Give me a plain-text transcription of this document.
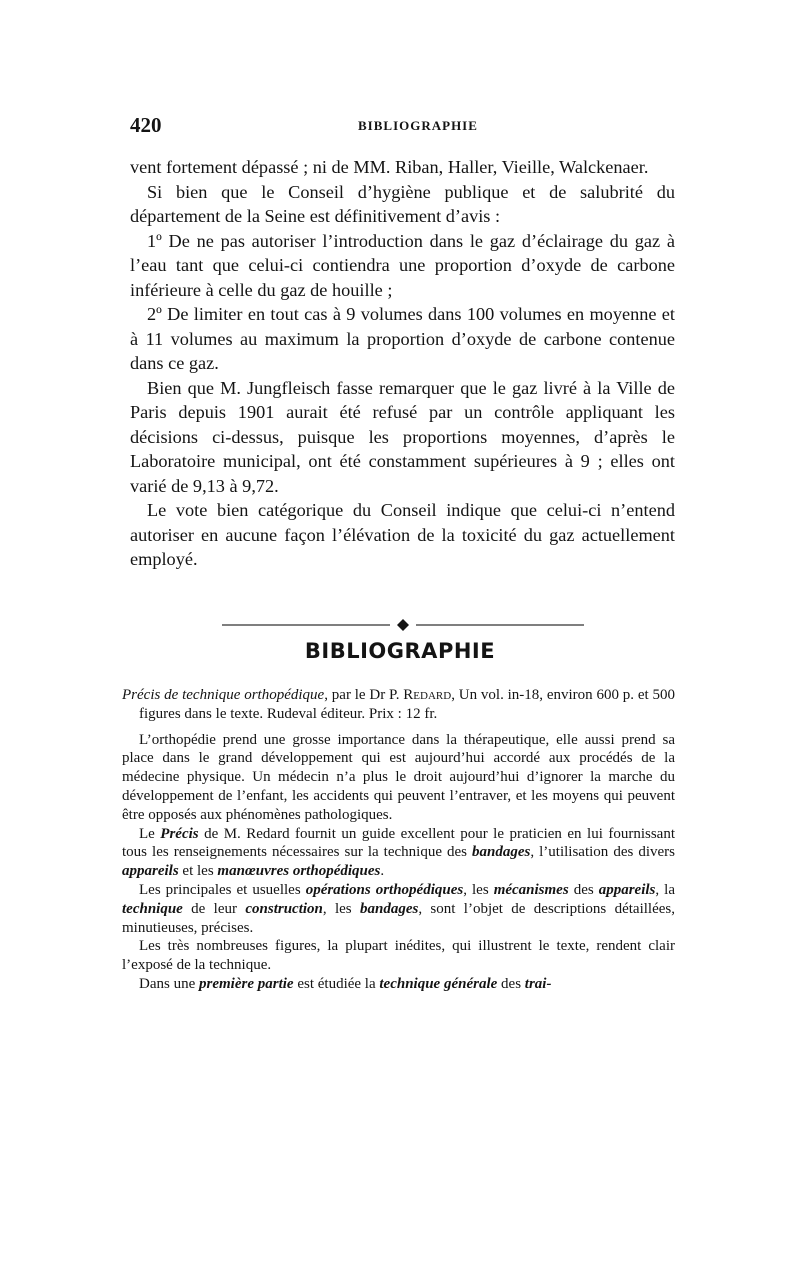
420	BIBLIOGRAPHIE

vent fortement dépassé ; ni de MM. Riban, Haller, Vieille, Walckenaer.

Si bien que le Conseil d’hygiène publique et de salubrité du département de la Seine est définitivement d’avis :

1º De ne pas autoriser l’introduction dans le gaz d’éclairage du gaz à l’eau tant que celui-ci contiendra une proportion d’oxyde de carbone inférieure à celle du gaz de houille ;

2º De limiter en tout cas à 9 volumes dans 100 volumes en moyenne et à 11 volumes au maximum la proportion d’oxyde de carbone contenue dans ce gaz.

Bien que M. Jungfleisch fasse remarquer que le gaz livré à la Ville de Paris depuis 1901 aurait été refusé par un contrôle appliquant les décisions ci-dessus, puisque les proportions moyennes, d’après le Laboratoire municipal, ont été constamment supérieures à 9 ; elles ont varié de 9,13 à 9,72.

Le vote bien catégorique du Conseil indique que celui-ci n’entend autoriser en aucune façon l’élévation de la toxicité du gaz actuellement employé.

BIBLIOGRAPHIE

Précis de technique orthopédique, par le Dr P. Redard, Un vol. in-18, environ 600 p. et 500 figures dans le texte. Rudeval éditeur. Prix : 12 fr.

L’orthopédie prend une grosse importance dans la thérapeutique, elle aussi prend sa place dans le grand développement qui est aujourd’hui accordé aux procédés de la médecine physique. Un médecin n’a plus le droit aujourd’hui d’ignorer la marche du développement de l’enfant, les accidents qui peuvent l’entraver, et les moyens qui peuvent être opposés aux phénomènes pathologiques.

Le Précis de M. Redard fournit un guide excellent pour le praticien en lui fournissant tous les renseignements nécessaires sur la technique des bandages, l’utilisation des divers appareils et les manœuvres orthopédiques.

Les principales et usuelles opérations orthopédiques, les mécanismes des appareils, la technique de leur construction, les bandages, sont l’objet de descriptions détaillées, minutieuses, précises.

Les très nombreuses figures, la plupart inédites, qui illustrent le texte, rendent clair l’exposé de la technique.

Dans une première partie est étudiée la technique générale des trai-
